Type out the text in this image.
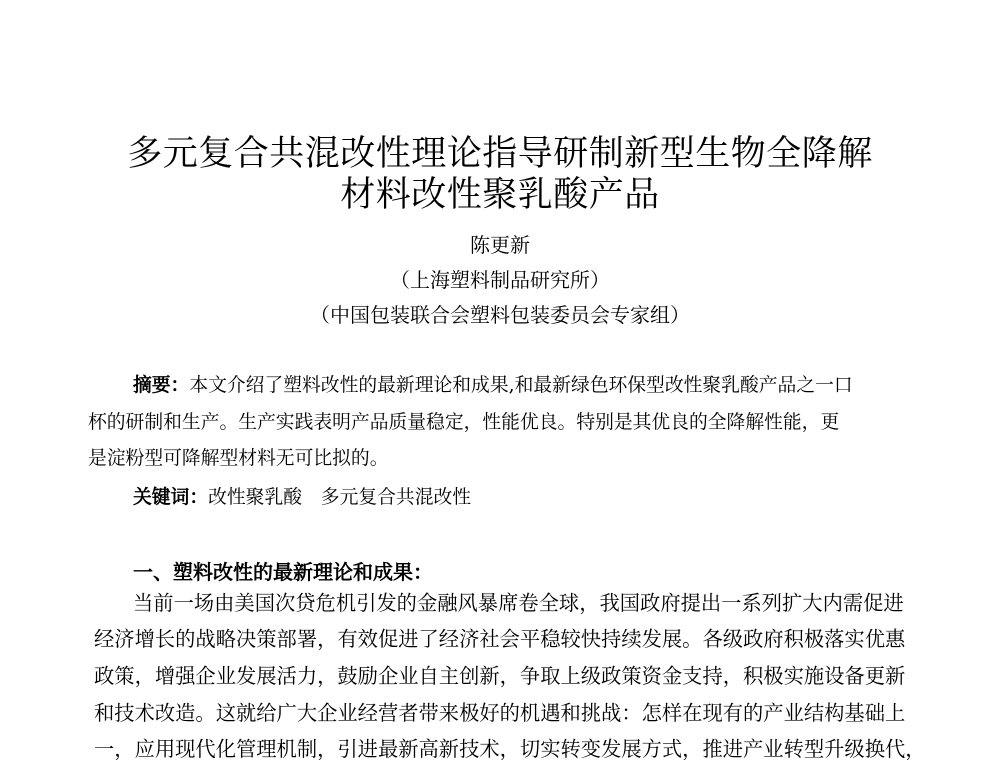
多元复合共混改性理论指导研制新型生物全降解
材料改性聚乳酸产品
陈更新
（上海塑料制品研究所）
（中国包装联合会塑料包装委员会专家组）
摘要：本文介绍了塑料改性的最新理论和成果,和最新绿色环保型改性聚乳酸产品之一口
杯的研制和生产。生产实践表明产品质量稳定，性能优良。特别是其优良的全降解性能，更
是淀粉型可降解型材料无可比拟的。
关键词：改性聚乳酸　多元复合共混改性
一、塑料改性的最新理论和成果：
当前一场由美国次贷危机引发的金融风暴席卷全球，我国政府提出一系列扩大内需促进
经济增长的战略决策部署，有效促进了经济社会平稳较快持续发展。各级政府积极落实优惠
政策，增强企业发展活力，鼓励企业自主创新，争取上级政策资金支持，积极实施设备更新
和技术改造。这就给广大企业经营者带来极好的机遇和挑战：怎样在现有的产业结构基础上
一，应用现代化管理机制，引进最新高新技术，切实转变发展方式，推进产业转型升级换代，
